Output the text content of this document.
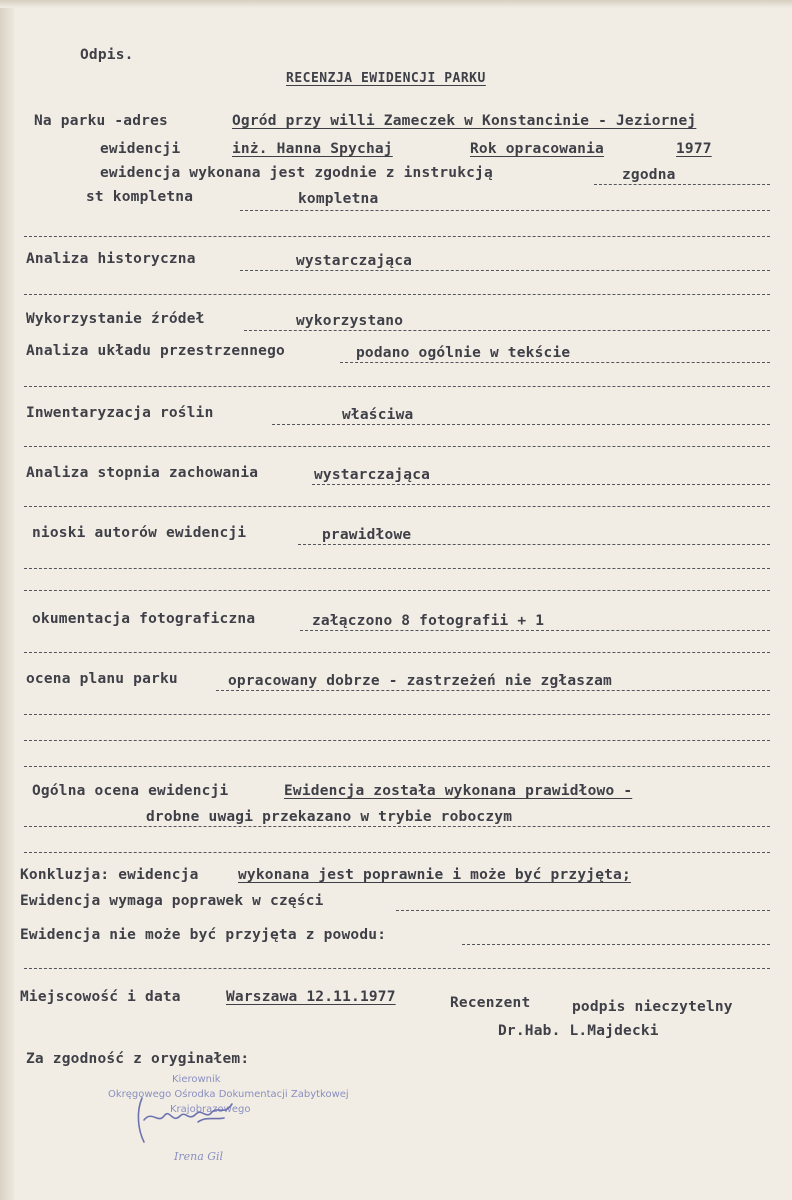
Odpis.
RECENZJA EWIDENCJI PARKU
Na parku -adres	Ogród przy willi Zameczek w Konstancinie - Jeziornej
ewidencji	inż. Hanna Spychaj	Rok opracowania	1977
ewidencja wykonana jest zgodnie z instrukcją	zgodna
st kompletna	kompletna
Analiza historyczna	wystarczająca
Wykorzystanie źródeł	wykorzystano
Analiza układu przestrzennego	podano ogólnie w tekście
Inwentaryzacja roślin	właściwa
Analiza stopnia zachowania	wystarczająca
nioski autorów ewidencji	prawidłowe
okumentacja fotograficzna	załączono 8 fotografii + 1
ocena planu parku	opracowany dobrze - zastrzeżeń nie zgłaszam
Ogólna ocena ewidencji	Ewidencja została wykonana prawidłowo -
drobne uwagi przekazano w trybie roboczym
Konkluzja: ewidencja	wykonana jest poprawnie i może być przyjęta;
Ewidencja wymaga poprawek w części
Ewidencja nie może być przyjęta z powodu:
Miejscowość i data	Warszawa 12.11.1977	Recenzent	podpis nieczytelny
Dr.Hab. L.Majdecki
Za zgodność z oryginałem:
Kierownik
Okręgowego Ośrodka Dokumentacji Zabytkowej
Krajobrazowego
Irena Gil
